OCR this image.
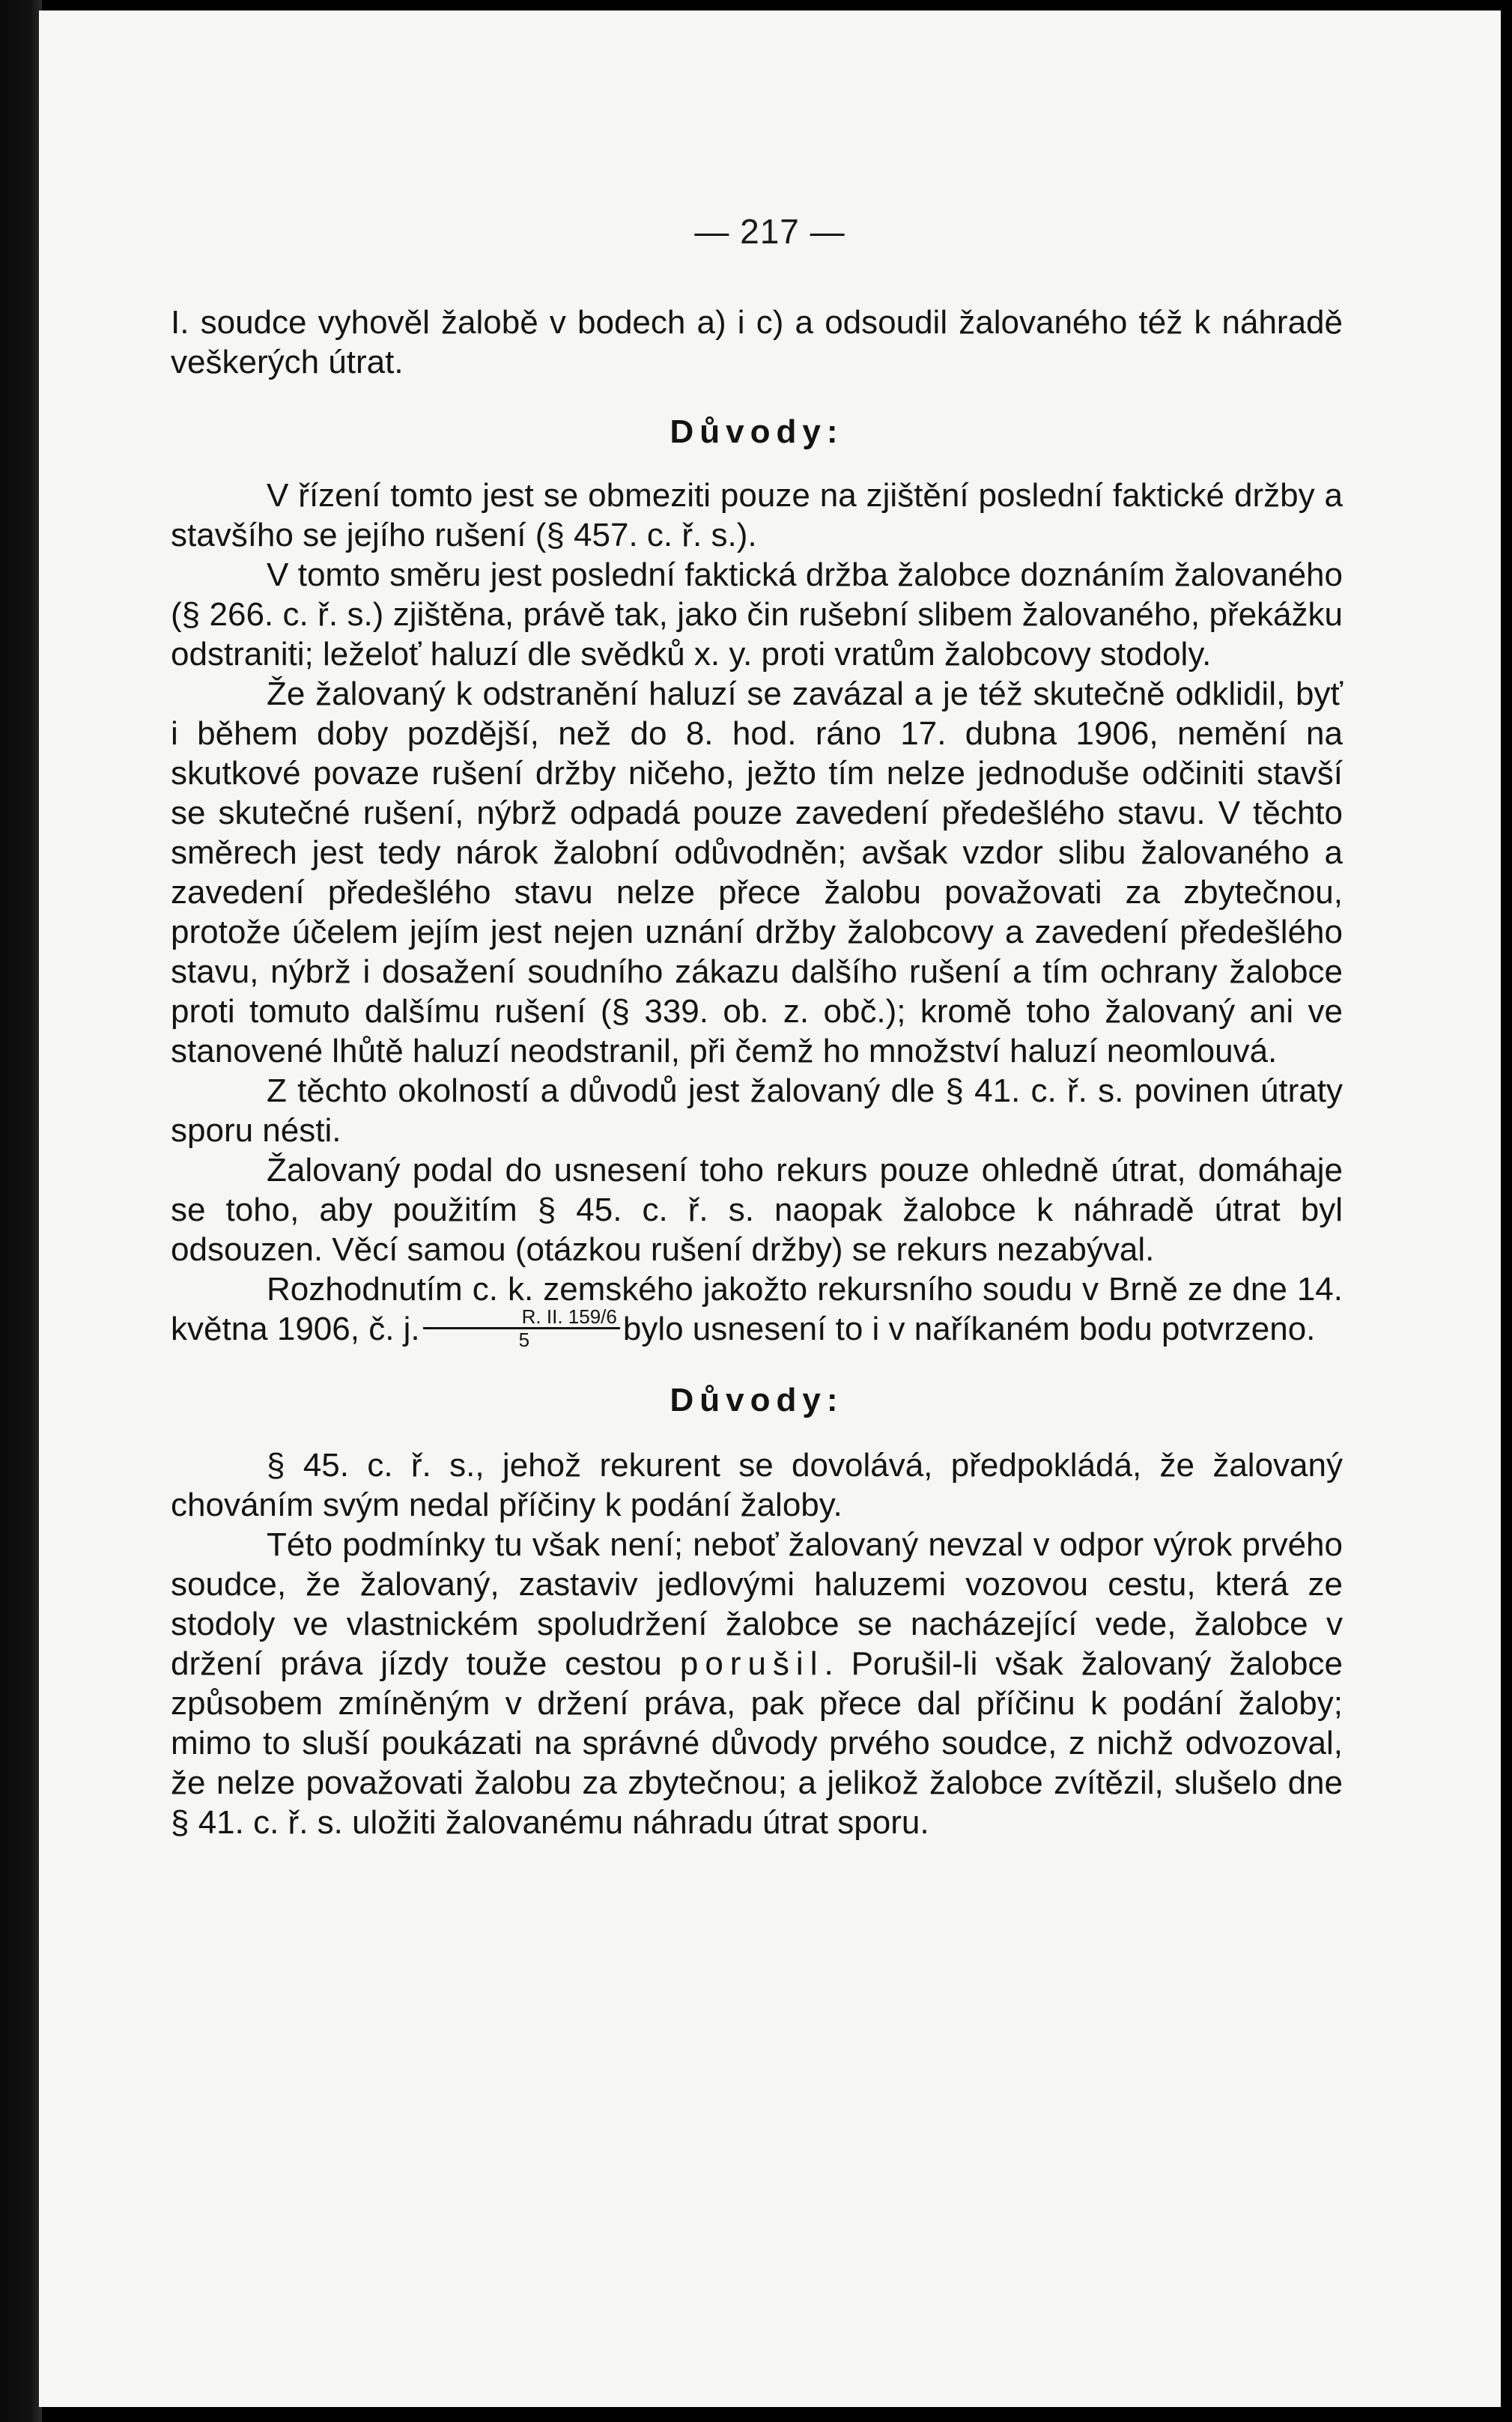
— 217 —

I. soudce vyhověl žalobě v bodech a) i c) a odsoudil žalovaného též k náhradě veškerých útrat.

Důvody:

V řízení tomto jest se obmeziti pouze na zjištění poslední faktické držby a stavšího se jejího rušení (§ 457. c. ř. s.).

V tomto směru jest poslední faktická držba žalobce doznáním žalovaného (§ 266. c. ř. s.) zjištěna, právě tak, jako čin rušební slibem žalovaného, překážku odstraniti; leželoť haluzí dle svědků x. y. proti vratům žalobcovy stodoly.

Že žalovaný k odstranění haluzí se zavázal a je též skutečně odklidil, byť i během doby pozdější, než do 8. hod. ráno 17. dubna 1906, nemění na skutkové povaze rušení držby ničeho, ježto tím nelze jednoduše odčiniti stavší se skutečné rušení, nýbrž odpadá pouze zavedení předešlého stavu. V těchto směrech jest tedy nárok žalobní odůvodněn; avšak vzdor slibu žalovaného a zavedení předešlého stavu nelze přece žalobu považovati za zbytečnou, protože účelem jejím jest nejen uznání držby žalobcovy a zavedení předešlého stavu, nýbrž i dosažení soudního zákazu dalšího rušení a tím ochrany žalobce proti tomuto dalšímu rušení (§ 339. ob. z. obč.); kromě toho žalovaný ani ve stanovené lhůtě haluzí neodstranil, při čemž ho množství haluzí neomlouvá.

Z těchto okolností a důvodů jest žalovaný dle § 41. c. ř. s. povinen útraty sporu nésti.

Žalovaný podal do usnesení toho rekurs pouze ohledně útrat, domáhaje se toho, aby použitím § 45. c. ř. s. naopak žalobce k náhradě útrat byl odsouzen. Věcí samou (otázkou rušení držby) se rekurs nezabýval.

Rozhodnutím c. k. zemského jakožto rekursního soudu v Brně ze dne 14. května 1906, č. j. $\frac{R. II. 159/6}{5}$ bylo usnesení to i v naříkaném bodu potvrzeno.

Důvody:

§ 45. c. ř. s., jehož rekurent se dovolává, předpokládá, že žalovaný chováním svým nedal příčiny k podání žaloby.

Této podmínky tu však není; neboť žalovaný nevzal v odpor výrok prvého soudce, že žalovaný, zastaviv jedlovými haluzemi vozovou cestu, která ze stodoly ve vlastnickém spoludržení žalobce se nacházející vede, žalobce v držení práva jízdy touže cestou porušil. Porušil-li však žalovaný žalobce způsobem zmíněným v držení práva, pak přece dal příčinu k podání žaloby; mimo to sluší poukázati na správné důvody prvého soudce, z nichž odvozoval, že nelze považovati žalobu za zbytečnou; a jelikož žalobce zvítězil, slušelo dne § 41. c. ř. s. uložiti žalovanému náhradu útrat sporu.
